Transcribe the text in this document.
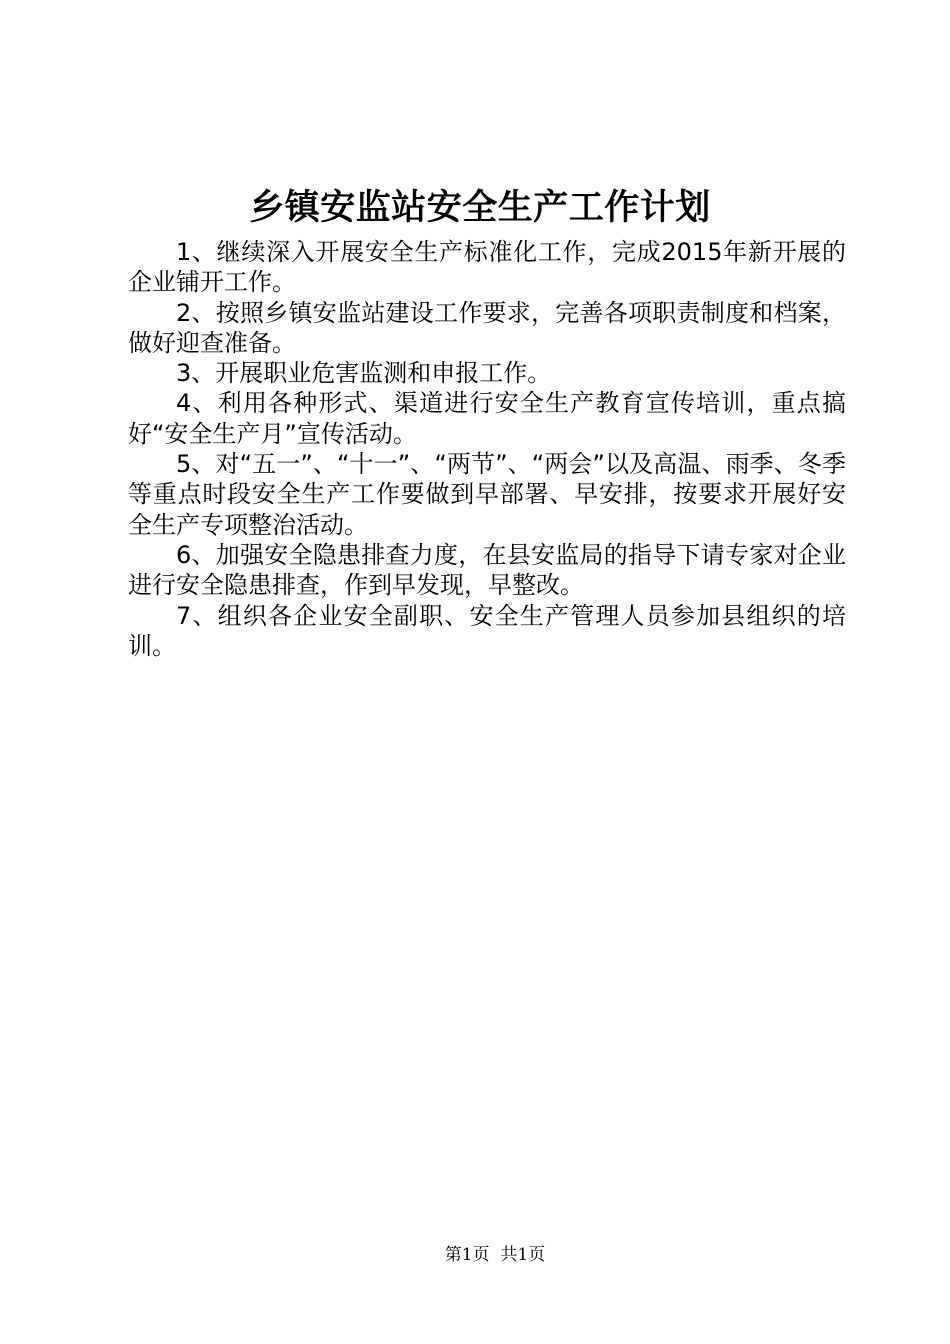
乡镇安监站安全生产工作计划

1、继续深入开展安全生产标准化工作，完成2015年新开展的企业铺开工作。

2、按照乡镇安监站建设工作要求，完善各项职责制度和档案，做好迎查准备。

3、开展职业危害监测和申报工作。

4、利用各种形式、渠道进行安全生产教育宣传培训，重点搞好“安全生产月”宣传活动。

5、对“五一”、“十一”、“两节”、“两会”以及高温、雨季、冬季等重点时段安全生产工作要做到早部署、早安排，按要求开展好安全生产专项整治活动。

6、加强安全隐患排查力度，在县安监局的指导下请专家对企业进行安全隐患排查，作到早发现，早整改。

7、组织各企业安全副职、安全生产管理人员参加县组织的培训。

第1页 共1页
